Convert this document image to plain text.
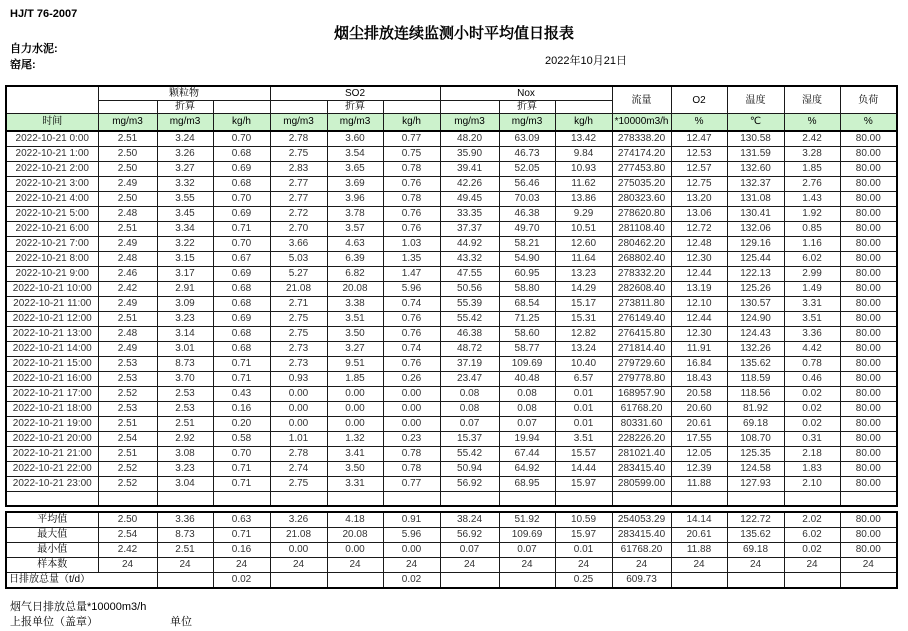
HJ/T 76-2007
烟尘排放连续监测小时平均值日报表
自力水泥:
窑尾:	2022年10月21日
	颗粒物			SO2			Nox			流量	O2	温度	湿度	负荷
		折算			折算			折算						
时间	mg/m3	mg/m3	kg/h	mg/m3	mg/m3	kg/h	mg/m3	mg/m3	kg/h	*10000m3/h	%	℃	%	%
2022-10-21 0:00	2.51	3.24	0.70	2.78	3.60	0.77	48.20	63.09	13.42	278338.20	12.47	130.58	2.42	80.00
2022-10-21 1:00	2.50	3.26	0.68	2.75	3.54	0.75	35.90	46.73	9.84	274174.20	12.53	131.59	3.28	80.00
2022-10-21 2:00	2.50	3.27	0.69	2.83	3.65	0.78	39.41	52.05	10.93	277453.80	12.57	132.60	1.85	80.00
2022-10-21 3:00	2.49	3.32	0.68	2.77	3.69	0.76	42.26	56.46	11.62	275035.20	12.75	132.37	2.76	80.00
2022-10-21 4:00	2.50	3.55	0.70	2.77	3.96	0.78	49.45	70.03	13.86	280323.60	13.20	131.08	1.43	80.00
2022-10-21 5:00	2.48	3.45	0.69	2.72	3.78	0.76	33.35	46.38	9.29	278620.80	13.06	130.41	1.92	80.00
2022-10-21 6:00	2.51	3.34	0.71	2.70	3.57	0.76	37.37	49.70	10.51	281108.40	12.72	132.06	0.85	80.00
2022-10-21 7:00	2.49	3.22	0.70	3.66	4.63	1.03	44.92	58.21	12.60	280462.20	12.48	129.16	1.16	80.00
2022-10-21 8:00	2.48	3.15	0.67	5.03	6.39	1.35	43.32	54.90	11.64	268802.40	12.30	125.44	6.02	80.00
2022-10-21 9:00	2.46	3.17	0.69	5.27	6.82	1.47	47.55	60.95	13.23	278332.20	12.44	122.13	2.99	80.00
2022-10-21 10:00	2.42	2.91	0.68	21.08	20.08	5.96	50.56	58.80	14.29	282608.40	13.19	125.26	1.49	80.00
2022-10-21 11:00	2.49	3.09	0.68	2.71	3.38	0.74	55.39	68.54	15.17	273811.80	12.10	130.57	3.31	80.00
2022-10-21 12:00	2.51	3.23	0.69	2.75	3.51	0.76	55.42	71.25	15.31	276149.40	12.44	124.90	3.51	80.00
2022-10-21 13:00	2.48	3.14	0.68	2.75	3.50	0.76	46.38	58.60	12.82	276415.80	12.30	124.43	3.36	80.00
2022-10-21 14:00	2.49	3.01	0.68	2.73	3.27	0.74	48.72	58.77	13.24	271814.40	11.91	132.26	4.42	80.00
2022-10-21 15:00	2.53	8.73	0.71	2.73	9.51	0.76	37.19	109.69	10.40	279729.60	16.84	135.62	0.78	80.00
2022-10-21 16:00	2.53	3.70	0.71	0.93	1.85	0.26	23.47	40.48	6.57	279778.80	18.43	118.59	0.46	80.00
2022-10-21 17:00	2.52	2.53	0.43	0.00	0.00	0.00	0.08	0.08	0.01	168957.90	20.58	118.56	0.02	80.00
2022-10-21 18:00	2.53	2.53	0.16	0.00	0.00	0.00	0.08	0.08	0.01	61768.20	20.60	81.92	0.02	80.00
2022-10-21 19:00	2.51	2.51	0.20	0.00	0.00	0.00	0.07	0.07	0.01	80331.60	20.61	69.18	0.02	80.00
2022-10-21 20:00	2.54	2.92	0.58	1.01	1.32	0.23	15.37	19.94	3.51	228226.20	17.55	108.70	0.31	80.00
2022-10-21 21:00	2.51	3.08	0.70	2.78	3.41	0.78	55.42	67.44	15.57	281021.40	12.05	125.35	2.18	80.00
2022-10-21 22:00	2.52	3.23	0.71	2.74	3.50	0.78	50.94	64.92	14.44	283415.40	12.39	124.58	1.83	80.00
2022-10-21 23:00	2.52	3.04	0.71	2.75	3.31	0.77	56.92	68.95	15.97	280599.00	11.88	127.93	2.10	80.00

平均值	2.50	3.36	0.63	3.26	4.18	0.91	38.24	51.92	10.59	254053.29	14.14	122.72	2.02	80.00
最大值	2.54	8.73	0.71	21.08	20.08	5.96	56.92	109.69	15.97	283415.40	20.61	135.62	6.02	80.00
最小值	2.42	2.51	0.16	0.00	0.00	0.00	0.07	0.07	0.01	61768.20	11.88	69.18	0.02	80.00
样本数	24	24	24	24	24	24	24	24	24	24	24	24	24	24
日排放总量（t/d）			0.02			0.02			0.25	609.73				
烟气日排放总量*10000m3/h
上报单位（盖章）	单位
